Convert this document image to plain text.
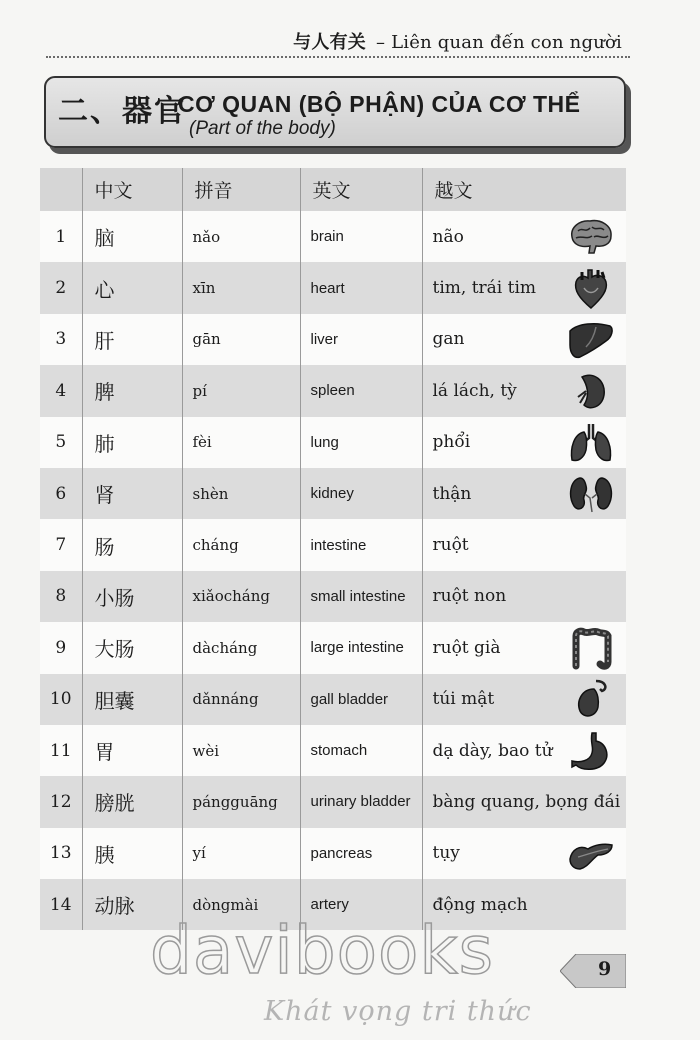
与人有关 – Liên quan đến con người
二、器官
CƠ QUAN (BỘ PHẬN) CỦA CƠ THỂ
(Part of the body)
	中文	拼音	英文	越文
1	脑	nǎo	brain	não

2	心	xīn	heart	tim, trái tim

3	肝	gān	liver	gan

4	脾	pí	spleen	lá lách, tỳ

5	肺	fèi	lung	phổi

6	肾	shèn	kidney	thận

7	肠	cháng	intestine	ruột
8	小肠	xiǎocháng	small intestine	ruột non
9	大肠	dàcháng	large intestine	ruột già

10	胆囊	dǎnnáng	gall bladder	túi mật

11	胃	wèi	stomach	dạ dày, bao tử

12	膀胱	pángguāng	urinary bladder	bàng quang, bọng đái
13	胰	yí	pancreas	tụy

14	动脉	dòngmài	artery	động mạch
davibooks
Khát vọng tri thức
9
